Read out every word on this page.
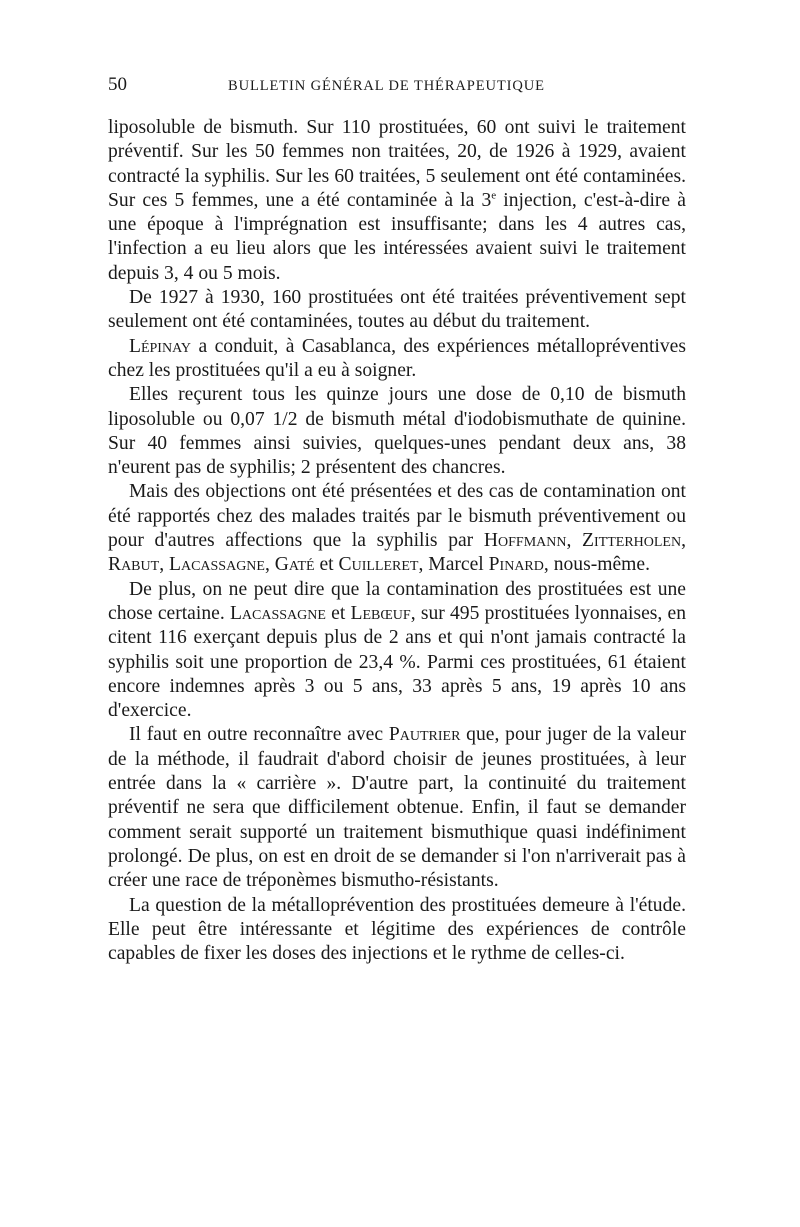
50	BULLETIN GÉNÉRAL DE THÉRAPEUTIQUE

liposoluble de bismuth. Sur 110 prostituées, 60 ont suivi le traitement préventif. Sur les 50 femmes non traitées, 20, de 1926 à 1929, avaient contracté la syphilis. Sur les 60 traitées, 5 seulement ont été contaminées. Sur ces 5 femmes, une a été contaminée à la 3e injection, c'est-à-dire à une époque à l'imprégnation est insuffisante; dans les 4 autres cas, l'infection a eu lieu alors que les intéressées avaient suivi le traitement depuis 3, 4 ou 5 mois.

De 1927 à 1930, 160 prostituées ont été traitées préventivement sept seulement ont été contaminées, toutes au début du traitement.

Lépinay a conduit, à Casablanca, des expériences métallopréventives chez les prostituées qu'il a eu à soigner.

Elles reçurent tous les quinze jours une dose de 0,10 de bismuth liposoluble ou 0,07 1/2 de bismuth métal d'iodobismuthate de quinine. Sur 40 femmes ainsi suivies, quelques-unes pendant deux ans, 38 n'eurent pas de syphilis; 2 présentent des chancres.

Mais des objections ont été présentées et des cas de contamination ont été rapportés chez des malades traités par le bismuth préventivement ou pour d'autres affections que la syphilis par Hoffmann, Zitterholen, Rabut, Lacassagne, Gaté et Cuilleret, Marcel Pinard, nous-même.

De plus, on ne peut dire que la contamination des prostituées est une chose certaine. Lacassagne et Lebœuf, sur 495 prostituées lyonnaises, en citent 116 exerçant depuis plus de 2 ans et qui n'ont jamais contracté la syphilis soit une proportion de 23,4 %. Parmi ces prostituées, 61 étaient encore indemnes après 3 ou 5 ans, 33 après 5 ans, 19 après 10 ans d'exercice.

Il faut en outre reconnaître avec Pautrier que, pour juger de la valeur de la méthode, il faudrait d'abord choisir de jeunes prostituées, à leur entrée dans la « carrière ». D'autre part, la continuité du traitement préventif ne sera que difficilement obtenue. Enfin, il faut se demander comment serait supporté un traitement bismuthique quasi indéfiniment prolongé. De plus, on est en droit de se demander si l'on n'arriverait pas à créer une race de tréponèmes bismutho-résistants.

La question de la métalloprévention des prostituées demeure à l'étude. Elle peut être intéressante et légitime des expériences de contrôle capables de fixer les doses des injections et le rythme de celles-ci.
